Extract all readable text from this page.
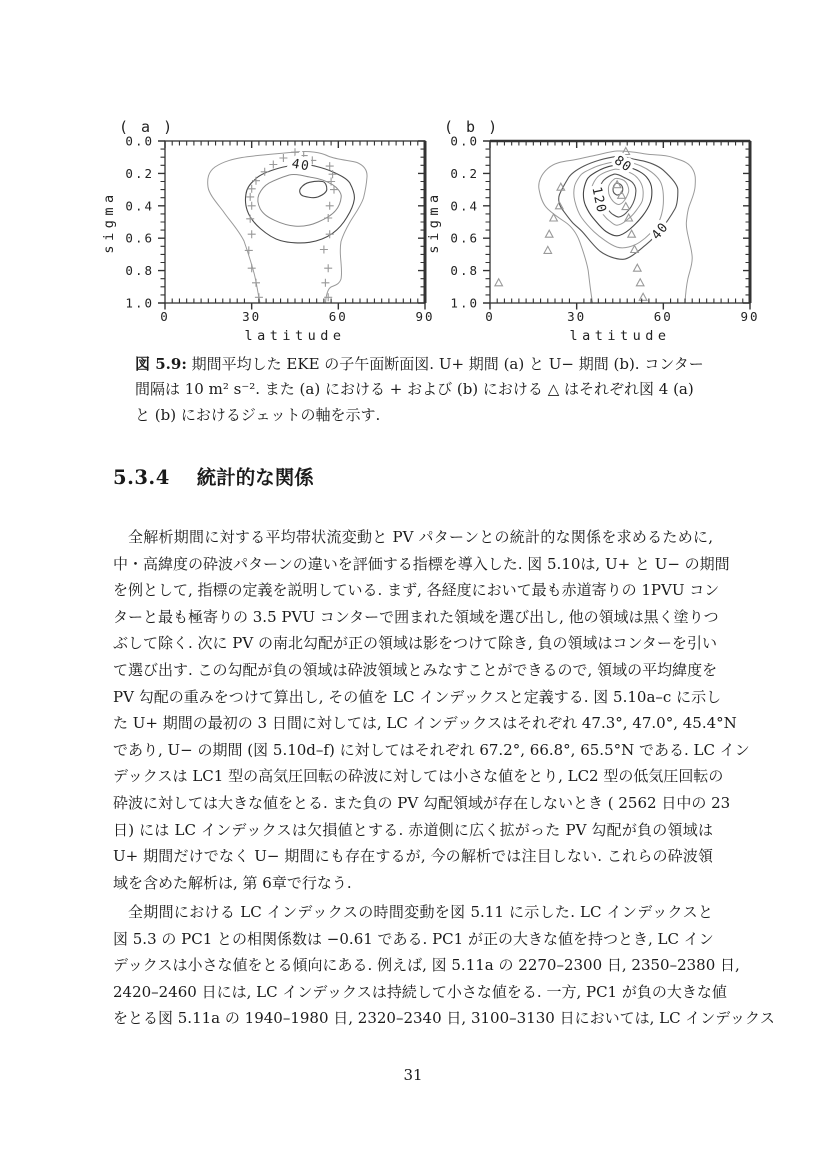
( a )
40
0	30	60	90
0.0
0.2
0.4
0.6
0.8
1.0
latitude
sigma
( b )
80
120
40
0	30	60	90
0.0
0.2
0.4
0.6
0.8
1.0
latitude
sigma
図 5.9: 期間平均した EKE の子午面断面図. U+ 期間 (a) と U− 期間 (b). コンター
間隔は 10 m² s⁻². また (a) における + および (b) における △ はそれぞれ図 4 (a)
と (b) におけるジェットの軸を示す.
5.3.4 統計的な関係
全解析期間に対する平均帯状流変動と PV パターンとの統計的な関係を求めるために,
中・高緯度の砕波パターンの違いを評価する指標を導入した. 図 5.10は, U+ と U− の期間
を例として, 指標の定義を説明している. まず, 各経度において最も赤道寄りの 1PVU コン
ターと最も極寄りの 3.5 PVU コンターで囲まれた領域を選び出し, 他の領域は黒く塗りつ
ぶして除く. 次に PV の南北勾配が正の領域は影をつけて除き, 負の領域はコンターを引い
て選び出す. この勾配が負の領域は砕波領域とみなすことができるので, 領域の平均緯度を
PV 勾配の重みをつけて算出し, その値を LC インデックスと定義する. 図 5.10a–c に示し
た U+ 期間の最初の 3 日間に対しては, LC インデックスはそれぞれ 47.3°, 47.0°, 45.4°N
であり, U− の期間 (図 5.10d–f) に対してはそれぞれ 67.2°, 66.8°, 65.5°N である. LC イン
デックスは LC1 型の高気圧回転の砕波に対しては小さな値をとり, LC2 型の低気圧回転の
砕波に対しては大きな値をとる. また負の PV 勾配領域が存在しないとき ( 2562 日中の 23
日) には LC インデックスは欠損値とする. 赤道側に広く拡がった PV 勾配が負の領域は
U+ 期間だけでなく U− 期間にも存在するが, 今の解析では注目しない. これらの砕波領
域を含めた解析は, 第 6章で行なう.
全期間における LC インデックスの時間変動を図 5.11 に示した. LC インデックスと
図 5.3 の PC1 との相関係数は −0.61 である. PC1 が正の大きな値を持つとき, LC イン
デックスは小さな値をとる傾向にある. 例えば, 図 5.11a の 2270–2300 日, 2350–2380 日,
2420–2460 日には, LC インデックスは持続して小さな値をる. 一方, PC1 が負の大きな値
をとる図 5.11a の 1940–1980 日, 2320–2340 日, 3100–3130 日においては, LC インデックス
31
